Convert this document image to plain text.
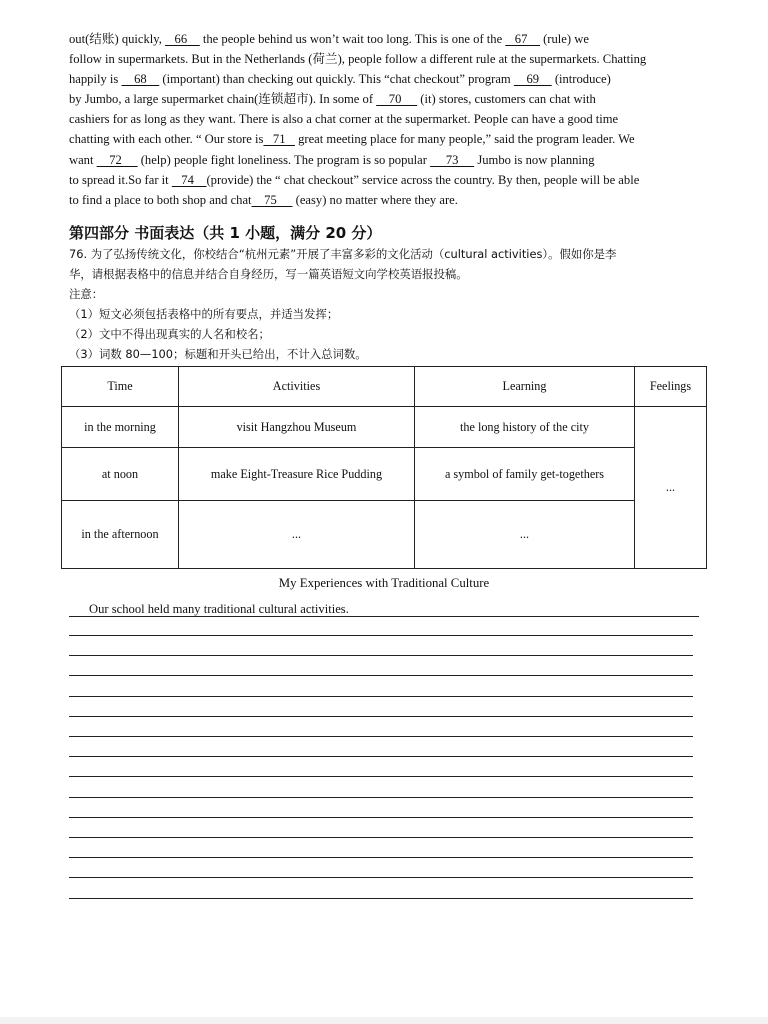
out(结账) quickly,    66     the people behind us won’t wait too long. This is one of the    67     (rule) we
follow in supermarkets. But in the Netherlands (荷兰), people follow a different rule at the supermarkets. Chatting
happily is     68     (important) than checking out quickly. This “chat checkout” program     69     (introduce)
by Jumbo, a large supermarket chain(连锁超市). In some of     70      (it) stores, customers can chat with
cashiers for as long as they want. There is also a chat corner at the supermarket. People can have a good time
chatting with each other. “ Our store is   71    great meeting place for many people,” said the program leader. We
want     72      (help) people fight loneliness. The program is so popular      73      Jumbo is now planning
to spread it.So far it    74    (provide) the “ chat checkout” service across the country. By then, people will be able
to find a place to both shop and chat    75      (easy) no matter where they are.
第四部分 书面表达（共 1 小题，满分 20 分）
76. 为了弘扬传统文化，你校结合“杭州元素”开展了丰富多彩的文化活动（cultural activities）。假如你是李
华，请根据表格中的信息并结合自身经历，写一篇英语短文向学校英语报投稿。
注意：
（1）短文必须包括表格中的所有要点，并适当发挥；
（2）文中不得出现真实的人名和校名；
（3）词数 80—100；标题和开头已给出，不计入总词数。
Time	Activities	Learning	Feelings
in the morning	visit Hangzhou Museum	the long history of the city	...
at noon	make Eight-Treasure Rice Pudding	a symbol of family get-togethers	
in the afternoon	...	...	
My Experiences with Traditional Culture
Our school held many traditional cultural activities.
